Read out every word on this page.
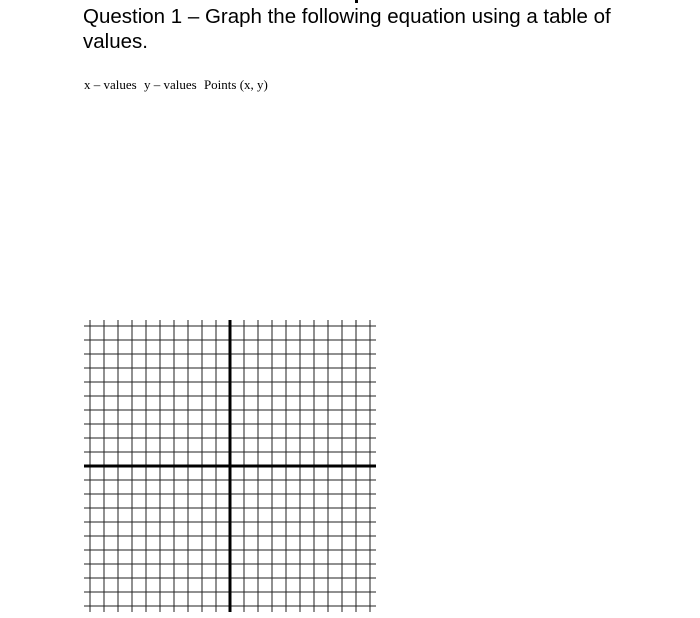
Question 1 – Graph the following equation using a table of values.
x – values y – values Points (x, y)
